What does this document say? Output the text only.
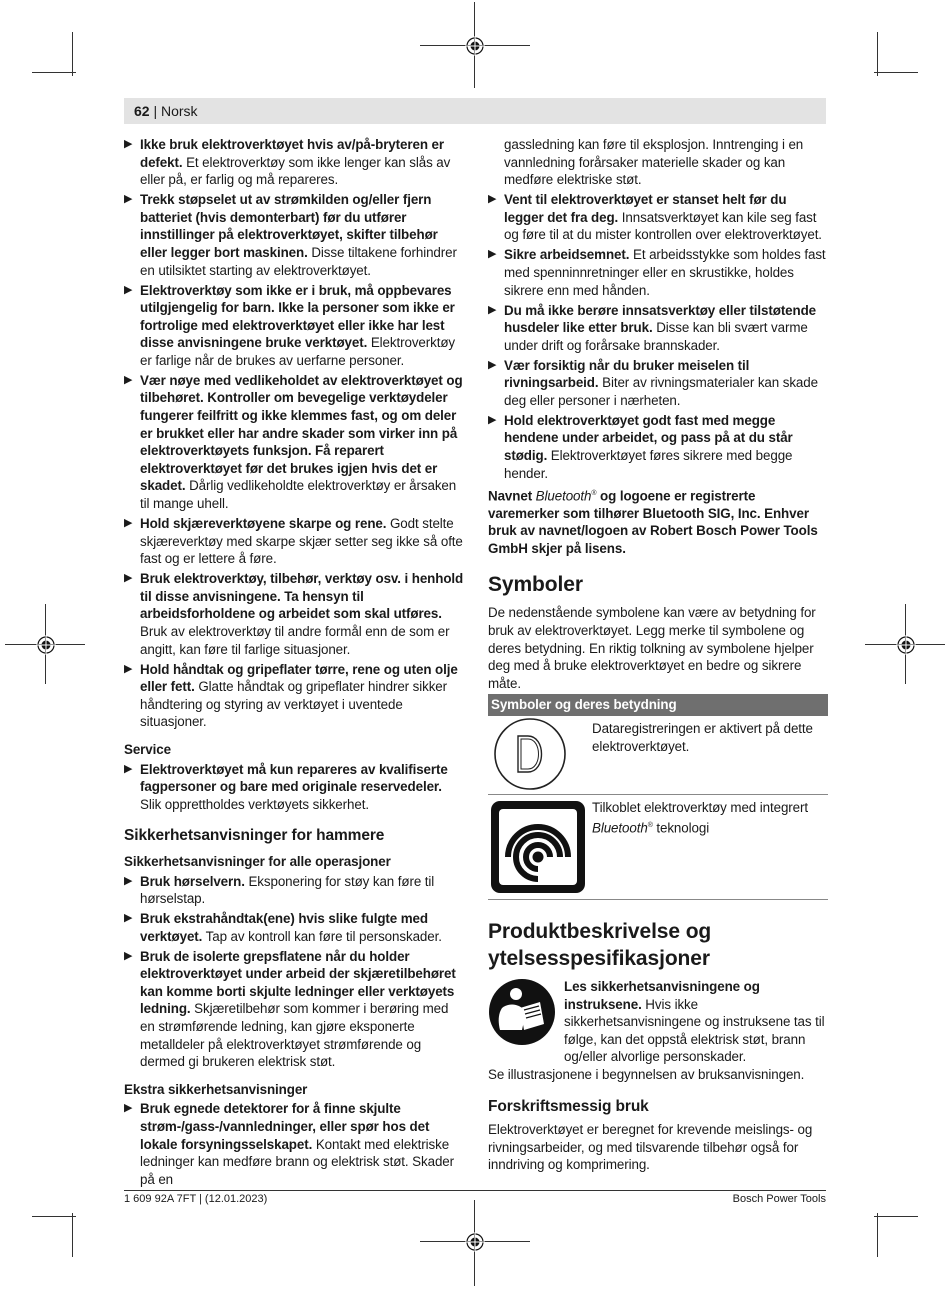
62 | Norsk
▶ Ikke bruk elektroverktøyet hvis av/på-bryteren er defekt. Et elektroverktøy som ikke lenger kan slås av eller på, er farlig og må repareres.
▶ Trekk støpselet ut av strømkilden og/eller fjern batteriet (hvis demonterbart) før du utfører innstillinger på elektroverktøyet, skifter tilbehør eller legger bort maskinen. Disse tiltakene forhindrer en utilsiktet starting av elektroverktøyet.
▶ Elektroverktøy som ikke er i bruk, må oppbevares utilgjengelig for barn. Ikke la personer som ikke er fortrolige med elektroverktøyet eller ikke har lest disse anvisningene bruke verktøyet. Elektroverktøy er farlige når de brukes av uerfarne personer.
▶ Vær nøye med vedlikeholdet av elektroverktøyet og tilbehøret. Kontroller om bevegelige verktøydeler fungerer feilfritt og ikke klemmes fast, og om deler er brukket eller har andre skader som virker inn på elektroverktøyets funksjon. Få reparert elektroverktøyet før det brukes igjen hvis det er skadet. Dårlig vedlikeholdte elektroverktøy er årsaken til mange uhell.
▶ Hold skjæreverktøyene skarpe og rene. Godt stelte skjæreverktøy med skarpe skjær setter seg ikke så ofte fast og er lettere å føre.
▶ Bruk elektroverktøy, tilbehør, verktøy osv. i henhold til disse anvisningene. Ta hensyn til arbeidsforholdene og arbeidet som skal utføres. Bruk av elektroverktøy til andre formål enn de som er angitt, kan føre til farlige situasjoner.
▶ Hold håndtak og gripeflater tørre, rene og uten olje eller fett. Glatte håndtak og gripeflater hindrer sikker håndtering og styring av verktøyet i uventede situasjoner.
Service
▶ Elektroverktøyet må kun repareres av kvalifiserte fagpersoner og bare med originale reservedeler. Slik opprettholdes verktøyets sikkerhet.
Sikkerhetsanvisninger for hammere
Sikkerhetsanvisninger for alle operasjoner
▶ Bruk hørselvern. Eksponering for støy kan føre til hørselstap.
▶ Bruk ekstrahåndtak(ene) hvis slike fulgte med verktøyet. Tap av kontroll kan føre til personskader.
▶ Bruk de isolerte grepsflatene når du holder elektroverktøyet under arbeid der skjæretilbehøret kan komme borti skjulte ledninger eller verktøyets ledning. Skjæretilbehør som kommer i berøring med en strømførende ledning, kan gjøre eksponerte metalldeler på elektroverktøyet strømførende og dermed gi brukeren elektrisk støt.
Ekstra sikkerhetsanvisninger
▶ Bruk egnede detektorer for å finne skjulte strøm-/gass-/vannledninger, eller spør hos det lokale forsyningsselskapet. Kontakt med elektriske ledninger kan medføre brann og elektrisk støt. Skader på en
gassledning kan føre til eksplosjon. Inntrenging i en vannledning forårsaker materielle skader og kan medføre elektriske støt.
▶ Vent til elektroverktøyet er stanset helt før du legger det fra deg. Innsatsverktøyet kan kile seg fast og føre til at du mister kontrollen over elektroverktøyet.
▶ Sikre arbeidsemnet. Et arbeidsstykke som holdes fast med spenninnretninger eller en skrustikke, holdes sikrere enn med hånden.
▶ Du må ikke berøre innsatsverktøy eller tilstøtende husdeler like etter bruk. Disse kan bli svært varme under drift og forårsake brannskader.
▶ Vær forsiktig når du bruker meiselen til rivningsarbeid. Biter av rivningsmaterialer kan skade deg eller personer i nærheten.
▶ Hold elektroverktøyet godt fast med megge hendene under arbeidet, og pass på at du står stødig. Elektroverktøyet føres sikrere med begge hender.
Navnet Bluetooth® og logoene er registrerte varemerker som tilhører Bluetooth SIG, Inc. Enhver bruk av navnet/logoen av Robert Bosch Power Tools GmbH skjer på lisens.
Symboler
De nedenstående symbolene kan være av betydning for bruk av elektroverktøyet. Legg merke til symbolene og deres betydning. En riktig tolkning av symbolene hjelper deg med å bruke elektroverktøyet en bedre og sikrere måte.
Symboler og deres betydning
Dataregistreringen er aktivert på dette elektroverktøyet.
Tilkoblet elektroverktøy med integrert Bluetooth® teknologi
Produktbeskrivelse og ytelsesspesifikasjoner
Les sikkerhetsanvisningene og instruksene. Hvis ikke sikkerhetsanvisningene og instruksene tas til følge, kan det oppstå elektrisk støt, brann og/eller alvorlige personskader.
Se illustrasjonene i begynnelsen av bruksanvisningen.
Forskriftsmessig bruk
Elektroverktøyet er beregnet for krevende meislings- og rivningsarbeider, og med tilsvarende tilbehør også for inndriving og komprimering.
1 609 92A 7FT | (12.01.2023)	Bosch Power Tools
